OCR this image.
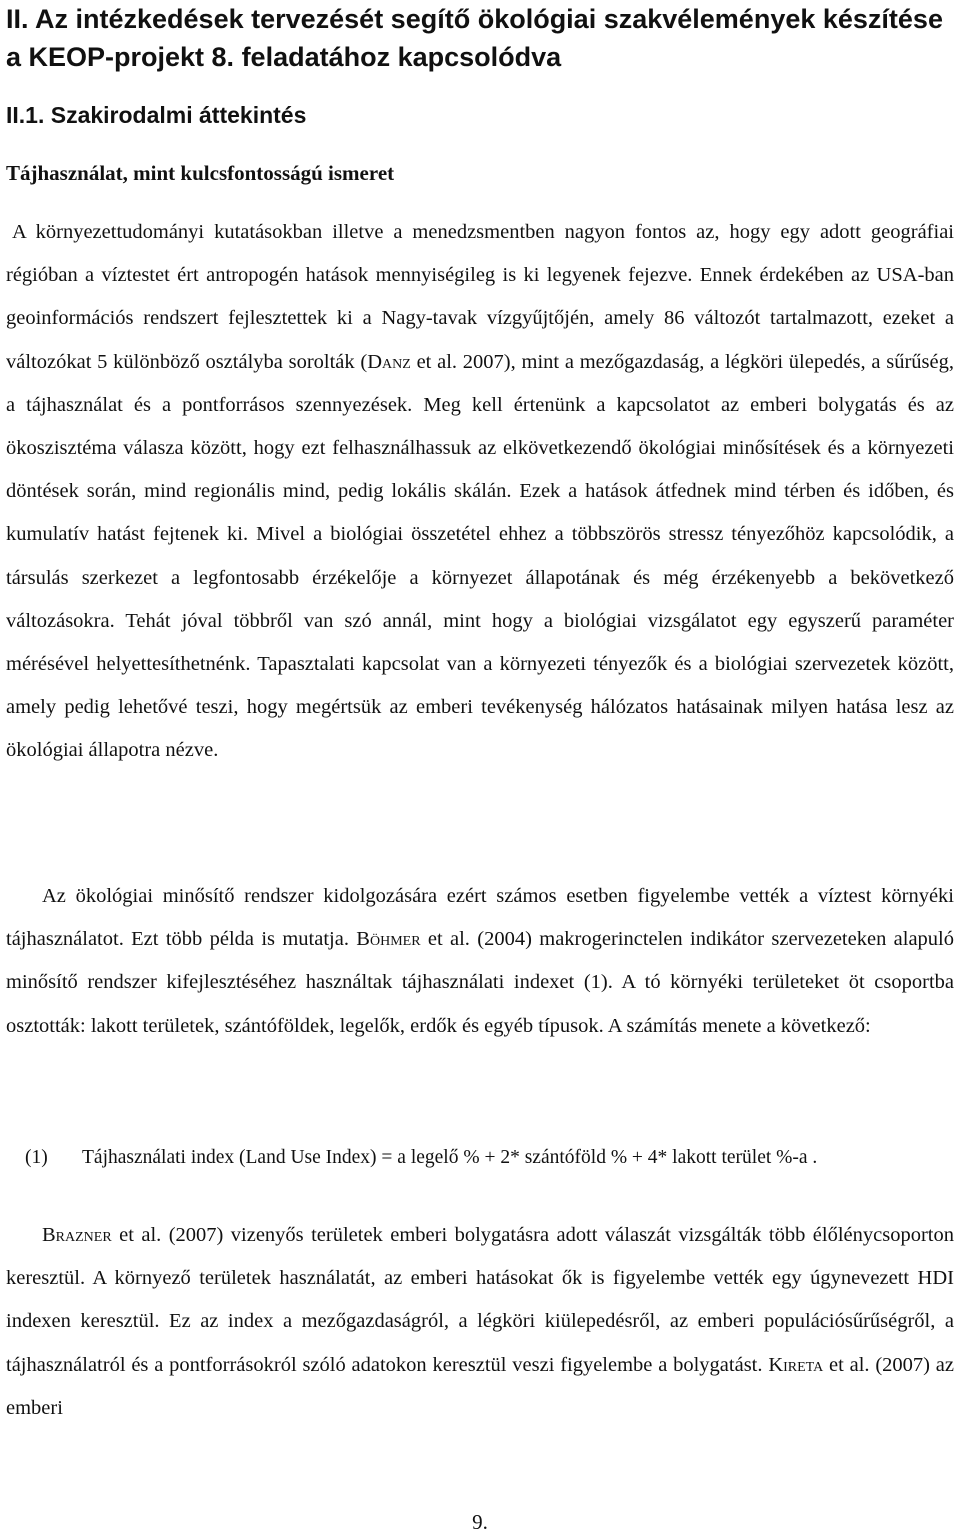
II. Az intézkedések tervezését segítő ökológiai szakvélemények készítése a KEOP-projekt 8. feladatához kapcsolódva
II.1. Szakirodalmi áttekintés
Tájhasználat, mint kulcsfontosságú ismeret

A környezettudományi kutatásokban illetve a menedzsmentben nagyon fontos az, hogy egy adott geográfiai régióban a víztestet ért antropogén hatások mennyiségileg is ki legyenek fejezve. Ennek érdekében az USA-ban geoinformációs rendszert fejlesztettek ki a Nagy-tavak vízgyűjtőjén, amely 86 változót tartalmazott, ezeket a változókat 5 különböző osztályba sorolták (Danz et al. 2007), mint a mezőgazdaság, a légköri ülepedés, a sűrűség, a tájhasználat és a pontforrásos szennyezések. Meg kell értenünk a kapcsolatot az emberi bolygatás és az ökoszisztéma válasza között, hogy ezt felhasználhassuk az elkövetkezendő ökológiai minősítések és a környezeti döntések során, mind regionális mind, pedig lokális skálán. Ezek a hatások átfednek mind térben és időben, és kumulatív hatást fejtenek ki. Mivel a biológiai összetétel ehhez a többszörös stressz tényezőhöz kapcsolódik, a társulás szerkezet a legfontosabb érzékelője a környezet állapotának és még érzékenyebb a bekövetkező változásokra. Tehát jóval többről van szó annál, mint hogy a biológiai vizsgálatot egy egyszerű paraméter mérésével helyettesíthetnénk. Tapasztalati kapcsolat van a környezeti tényezők és a biológiai szervezetek között, amely pedig lehetővé teszi, hogy megértsük az emberi tevékenység hálózatos hatásainak milyen hatása lesz az ökológiai állapotra nézve.

Az ökológiai minősítő rendszer kidolgozására ezért számos esetben figyelembe vették a víztest környéki tájhasználatot. Ezt több példa is mutatja. Böhmer et al. (2004) makrogerinctelen indikátor szervezeteken alapuló minősítő rendszer kifejlesztéséhez használtak tájhasználati indexet (1). A tó környéki területeket öt csoportba osztották: lakott területek, szántóföldek, legelők, erdők és egyéb típusok. A számítás menete a következő:

(1) Tájhasználati index (Land Use Index) = a legelő % + 2* szántóföld % + 4* lakott terület %-a .

Brazner et al. (2007) vizenyős területek emberi bolygatásra adott válaszát vizsgálták több élőlénycsoporton keresztül. A környező területek használatát, az emberi hatásokat ők is figyelembe vették egy úgynevezett HDI indexen keresztül. Ez az index a mezőgazdaságról, a légköri kiülepedésről, az emberi populációsűrűségről, a tájhasználatról és a pontforrásokról szóló adatokon keresztül veszi figyelembe a bolygatást. Kireta et al. (2007) az emberi

9.
